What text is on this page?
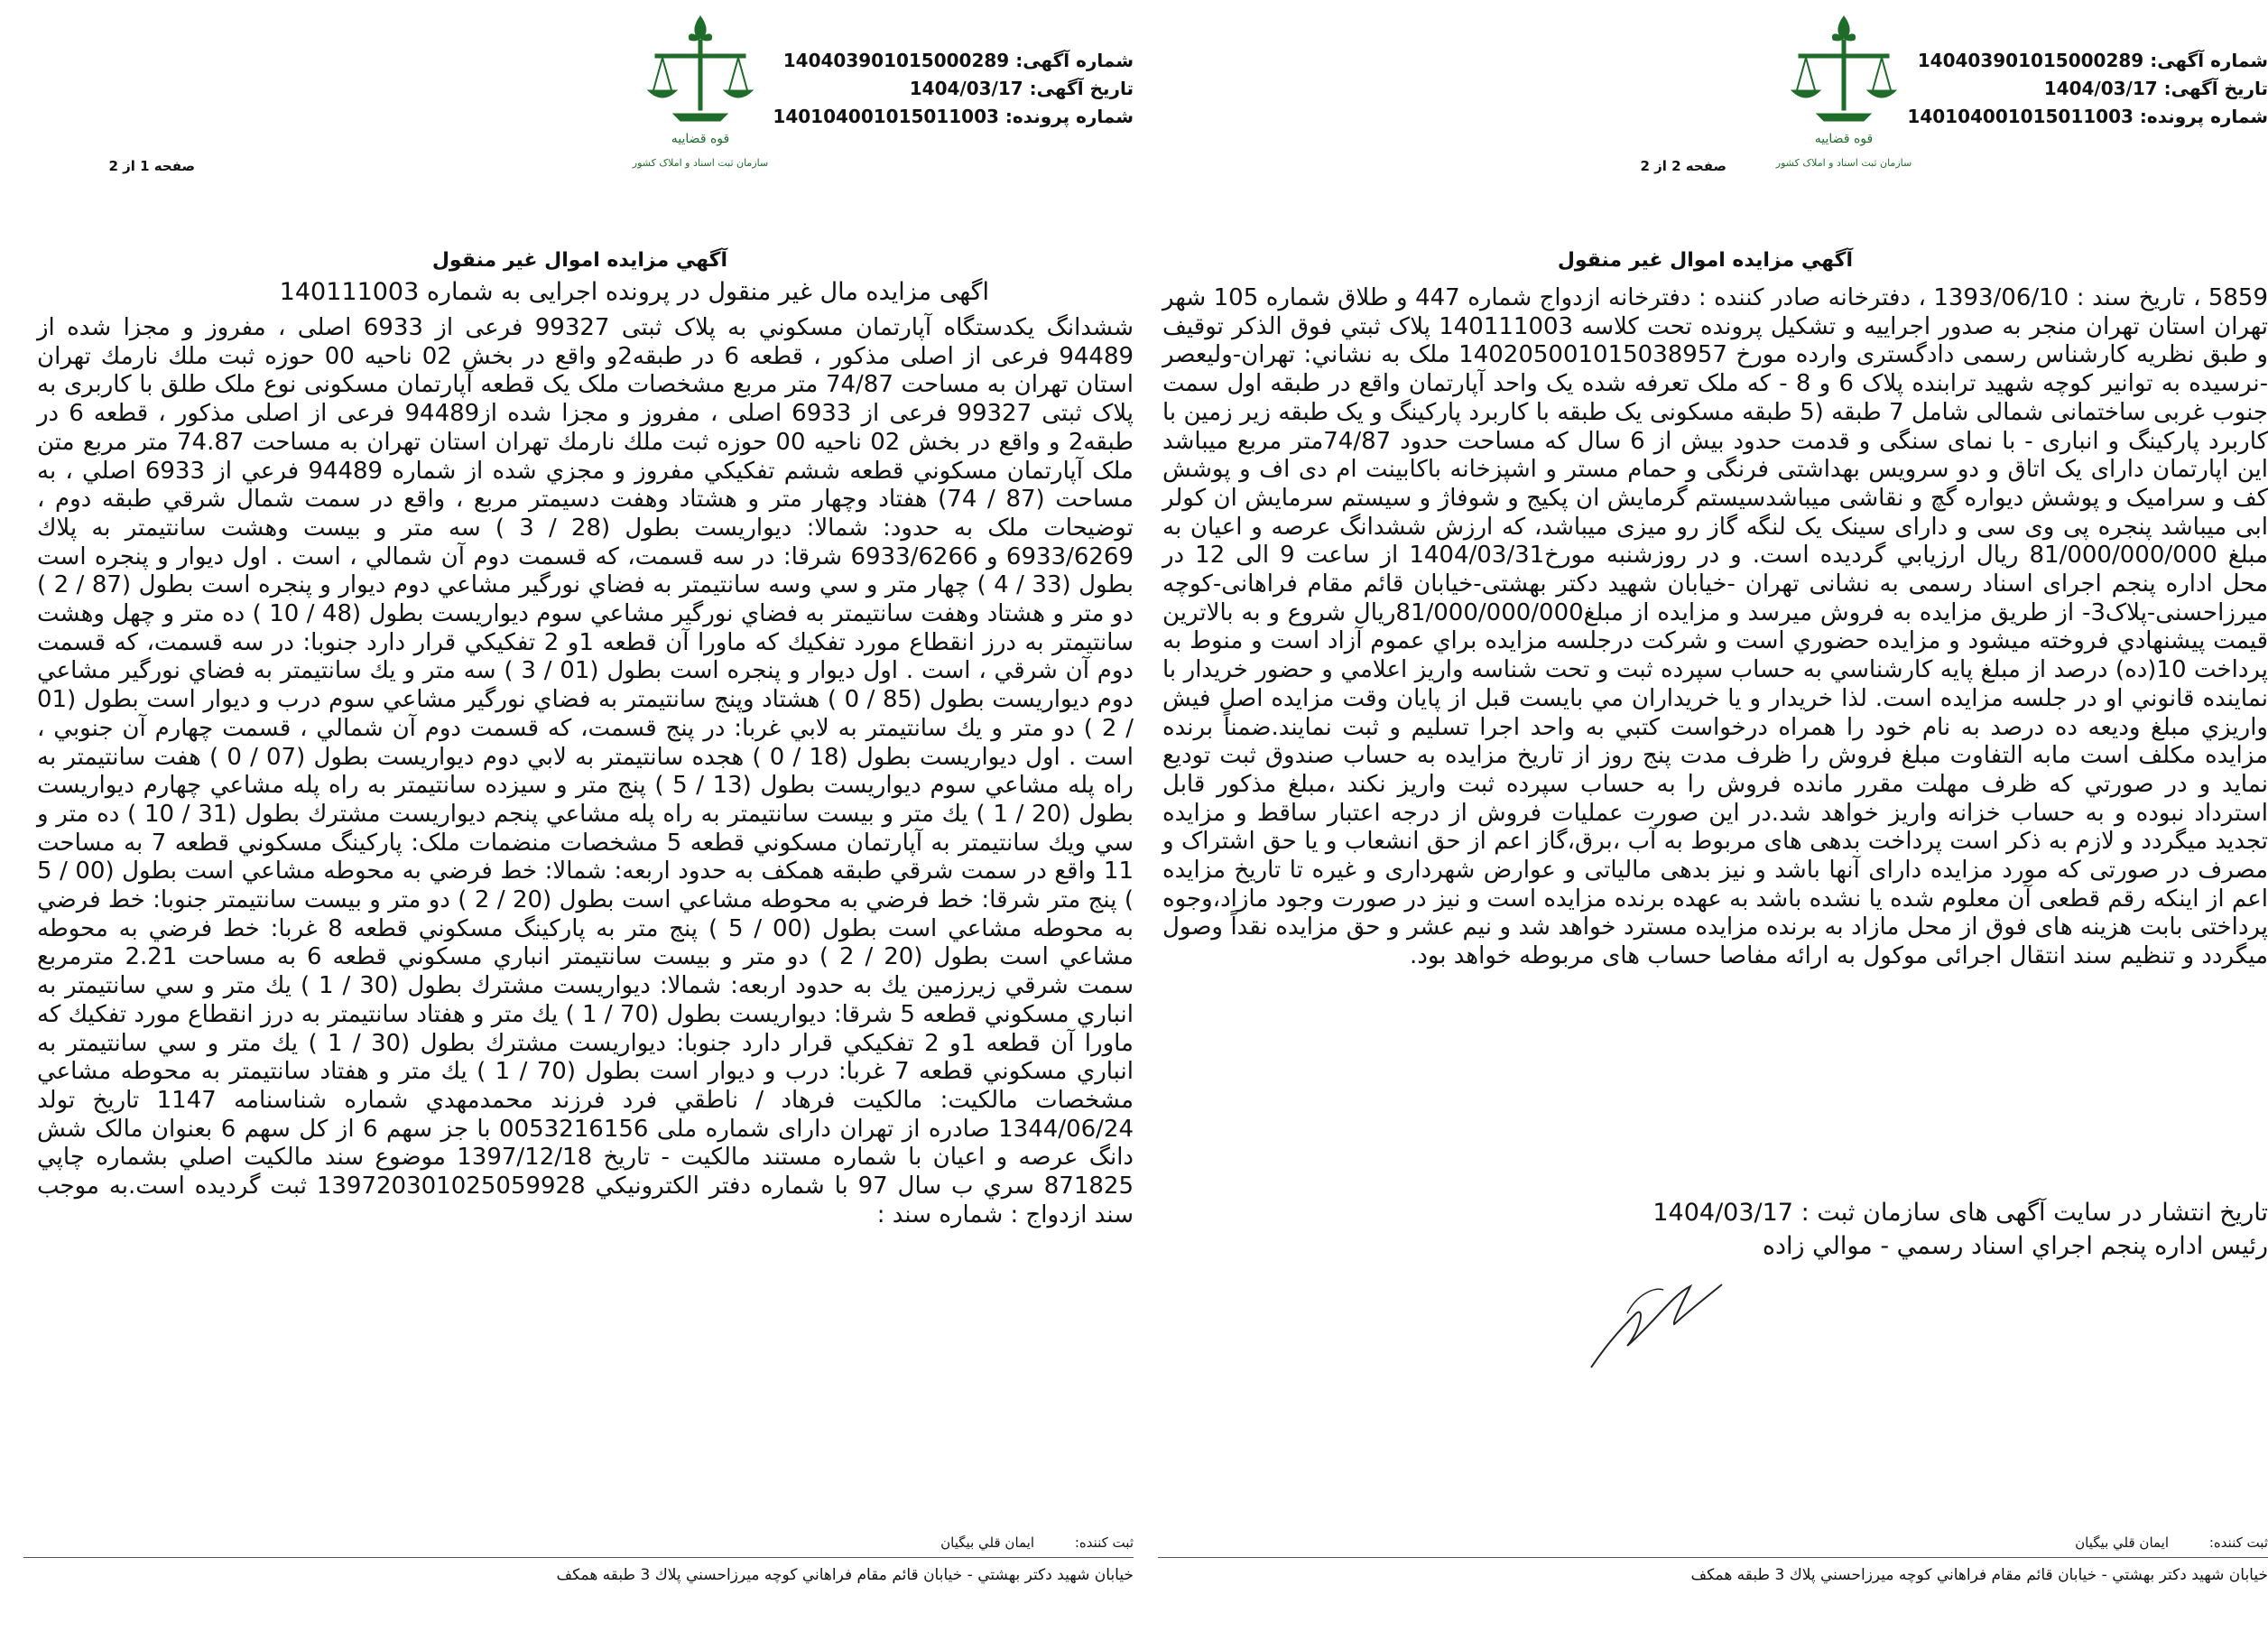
شماره آگهی: 140403901015000289
تاریخ آگهی: 1404/03/17
شماره پرونده: 140104001015011003
قوه قضاییه
سازمان ثبت اسناد و املاک کشور
صفحه 2 از 2
آگهي مزايده اموال غير منقول
5859 ، تاریخ سند : 1393/06/10 ، دفترخانه صادر کننده : دفترخانه ازدواج شماره 447 و طلاق شماره 105 شهر تهران استان تهران منجر به صدور اجراییه و تشکیل پرونده تحت کلاسه 140111003 پلاک ثبتي فوق الذکر توقيف و طبق نظريه كارشناس رسمی دادگستری وارده مورخ 14020500101503895‌7 ملک به نشاني: تهران-ولیعصر -نرسیده به توانیر کوچه شهید ترابنده پلاک 6 و 8 - که ملک تعرفه شده یک واحد آپارتمان واقع در طبقه اول سمت جنوب غربی ساختمانی شمالی شامل 7 طبقه (5 طبقه مسکونی یک طبقه با کاربرد پارکینگ و یک طبقه زیر زمین با کاربرد پارکینگ و انباری - با نمای سنگی و قدمت حدود بیش از 6 سال که مساحت حدود 74/87متر مربع میباشد این اپارتمان دارای یک اتاق و دو سرویس بهداشتی فرنگی و حمام مستر و اشپزخانه باکابینت ام دی اف و پوشش کف و سرامیک و پوشش دیواره گچ و نقاشی میباشدسیستم گرمایش ان پکیج و شوفاژ و سیستم سرمایش ان کولر ابی میباشد پنجره پی وی سی و دارای سینک یک لنگه گاز رو میزی میباشد، که ارزش ششدانگ عرصه و اعیان به مبلغ 81/000/000/000 ريال ارزيابي گرديده است. و در روزشنبه مورخ1404/03/31 از ساعت 9 الی 12 در محل اداره پنجم اجرای اسناد رسمی به نشانی تهران -خیابان شهید دکتر بهشتی-خیابان قائم مقام فراهانی-کوچه میرزاحسنی-پلاک3- از طريق مزايده به فروش ميرسد و مزايده از مبلغ81/000/000/000ريال شروع و به بالاترين قيمت پيشنهادي فروخته ميشود و مزايده حضوري است و شرکت درجلسه مزايده براي عموم آزاد است و منوط به پرداخت 10(ده) درصد از مبلغ پايه كارشناسي به حساب سپرده ثبت و تحت شناسه واريز اعلامي و حضور خريدار با نماينده قانوني او در جلسه مزايده است. لذا خريدار و يا خريداران مي بايست قبل از پايان وقت مزايده اصل فيش واريزي مبلغ وديعه ده درصد به نام خود را همراه درخواست كتبي به واحد اجرا تسليم و ثبت نمايند.ضمناً برنده مزایده مکلف است مابه التفاوت مبلغ فروش را ظرف مدت پنج روز از تاريخ مزايده به حساب صندوق ثبت توديع نمايد و در صورتي كه ظرف مهلت مقرر مانده فروش را به حساب سپرده ثبت واريز نكند ،مبلغ مذكور قابل استرداد نبوده و به حساب خزانه واريز خواهد شد.در اين صورت عمليات فروش از درجه اعتبار ساقط و مزايده تجديد ميگردد و لازم به ذكر است پرداخت بدهی های مربوط به آب ،برق،گاز اعم از حق انشعاب و یا حق اشتراک و مصرف در صورتی که مورد مزایده دارای آنها باشد و نیز بدهی مالیاتی و عوارض شهرداری و غیره تا تاریخ مزایده اعم از اینکه رقم قطعی آن معلوم شده یا نشده باشد به عهده برنده مزایده است و نیز در صورت وجود مازاد،وجوه پرداختی بابت هزینه های فوق از محل مازاد به برنده مزایده مسترد خواهد شد و نیم عشر و حق مزایده نقداً وصول میگردد و تنظیم سند انتقال اجرائی موکول به ارائه مفاصا حساب های مربوطه خواهد بود.
تاريخ انتشار در سایت آگهی های سازمان ثبت : 1404/03/17
رئيس اداره پنجم اجراي اسناد رسمي - موالي زاده
ثبت کننده: ايمان قلي بيگيان
خيابان شهيد دكتر بهشتي - خيابان قائم مقام فراهاني كوچه ميرزاحسني پلاك 3 طبقه همكف
شماره آگهی: 140403901015000289
تاریخ آگهی: 1404/03/17
شماره پرونده: 140104001015011003
قوه قضاییه
سازمان ثبت اسناد و املاک کشور
صفحه 1 از 2
آگهي مزايده اموال غير منقول
اگهی مزایده مال غیر منقول در پرونده اجرایی به شماره 140111003
ششدانگ يكدستگاه آپارتمان مسكوني به پلاک ثبتی 99327 فرعی از 6933 اصلی ، مفروز و مجزا شده از 94489 فرعی از اصلی مذكور ، قطعه 6 در طبقه2و واقع در بخش 02 ناحيه 00 حوزه ثبت ملك نارمك تهران استان تهران به مساحت 74/87 متر مربع مشخصات ملک یک قطعه آپارتمان مسکونی نوع ملک طلق با کاربری به پلاک ثبتی 99327 فرعی از 6933 اصلی ، مفروز و مجزا شده از94489 فرعی از اصلی مذکور ، قطعه 6 در طبقه2 و واقع در بخش 02 ناحیه 00 حوزه ثبت ملك نارمك تهران استان تهران به مساحت 74.87 متر مربع متن ملک آپارتمان مسكوني قطعه ششم تفكيكي مفروز و مجزي شده از شماره 94489 فرعي از 6933 اصلي ، به مساحت (87 / 74) هفتاد وچهار متر و هشتاد وهفت دسيمتر مربع ، واقع در سمت شمال شرقي طبقه دوم ، توضيحات ملک به حدود: شمالا: ديواريست بطول (28 / 3 ) سه متر و بيست وهشت سانتيمتر به پلاك 6933/6269 و 6933/6266 شرقا: در سه قسمت، كه قسمت دوم آن شمالي ، است . اول ديوار و پنجره است بطول (33 / 4 ) چهار متر و سي وسه سانتيمتر به فضاي نورگير مشاعي دوم ديوار و پنجره است بطول (87 / 2 ) دو متر و هشتاد وهفت سانتيمتر به فضاي نورگير مشاعي سوم ديواريست بطول (48 / 10 ) ده متر و چهل وهشت سانتيمتر به درز انقطاع مورد تفكيك كه ماورا آن قطعه 1و 2 تفكيكي قرار دارد جنوبا: در سه قسمت، كه قسمت دوم آن شرقي ، است . اول ديوار و پنجره است بطول (01 / 3 ) سه متر و يك سانتيمتر به فضاي نورگير مشاعي دوم ديواريست بطول (85 / 0 ) هشتاد وپنج سانتيمتر به فضاي نورگير مشاعي سوم درب و ديوار است بطول (01 / 2 ) دو متر و يك سانتيمتر به لابي غربا: در پنج قسمت، كه قسمت دوم آن شمالي ، قسمت چهارم آن جنوبي ، است . اول ديواريست بطول (18 / 0 ) هجده سانتيمتر به لابي دوم ديواريست بطول (07 / 0 ) هفت سانتيمتر به راه پله مشاعي سوم ديواريست بطول (13 / 5 ) پنج متر و سيزده سانتيمتر به راه پله مشاعي چهارم ديواريست بطول (20 / 1 ) يك متر و بيست سانتيمتر به راه پله مشاعي پنجم ديواريست مشترك بطول (31 / 10 ) ده متر و سي ويك سانتيمتر به آپارتمان مسكوني قطعه 5 مشخصات منضمات ملک: پاركينگ مسكوني قطعه 7 به مساحت 11 واقع در سمت شرقي طبقه همكف به حدود اربعه: شمالا: خط فرضي به محوطه مشاعي است بطول (00 / 5 ) پنج متر شرقا: خط فرضي به محوطه مشاعي است بطول (20 / 2 ) دو متر و بيست سانتيمتر جنوبا: خط فرضي به محوطه مشاعي است بطول (00 / 5 ) پنج متر به پاركينگ مسكوني قطعه 8 غربا: خط فرضي به محوطه مشاعي است بطول (20 / 2 ) دو متر و بيست سانتيمتر انباري مسكوني قطعه 6 به مساحت 2.21 مترمربع سمت شرقي زيرزمين يك به حدود اربعه: شمالا: ديواريست مشترك بطول (30 / 1 ) يك متر و سي سانتيمتر به انباري مسكوني قطعه 5 شرقا: ديواريست بطول (70 / 1 ) يك متر و هفتاد سانتيمتر به درز انقطاع مورد تفكيك كه ماورا آن قطعه 1و 2 تفكيكي قرار دارد جنوبا: ديواريست مشترك بطول (30 / 1 ) يك متر و سي سانتيمتر به انباري مسكوني قطعه 7 غربا: درب و ديوار است بطول (70 / 1 ) يك متر و هفتاد سانتيمتر به محوطه مشاعي مشخصات مالكيت: مالکیت فرهاد / ناطقي فرد فرزند محمدمهدي شماره شناسنامه 1147 تاريخ تولد 1344/06/24 صادره از تهران دارای شماره ملی 0053216156 با جز سهم 6 از کل سهم 6 بعنوان مالک شش دانگ عرصه و اعيان با شماره مستند مالکيت - تاريخ 1397/12/18 موضوع سند مالكيت اصلي بشماره چاپي 871825 سري ب سال 97 با شماره دفتر الكترونيكي 13972030102505992‌8 ثبت گرديده است.به موجب سند ازدواج : شماره سند :
ثبت کننده: ايمان قلي بيگيان
خيابان شهيد دكتر بهشتي - خيابان قائم مقام فراهاني كوچه ميرزاحسني پلاك 3 طبقه همكف
